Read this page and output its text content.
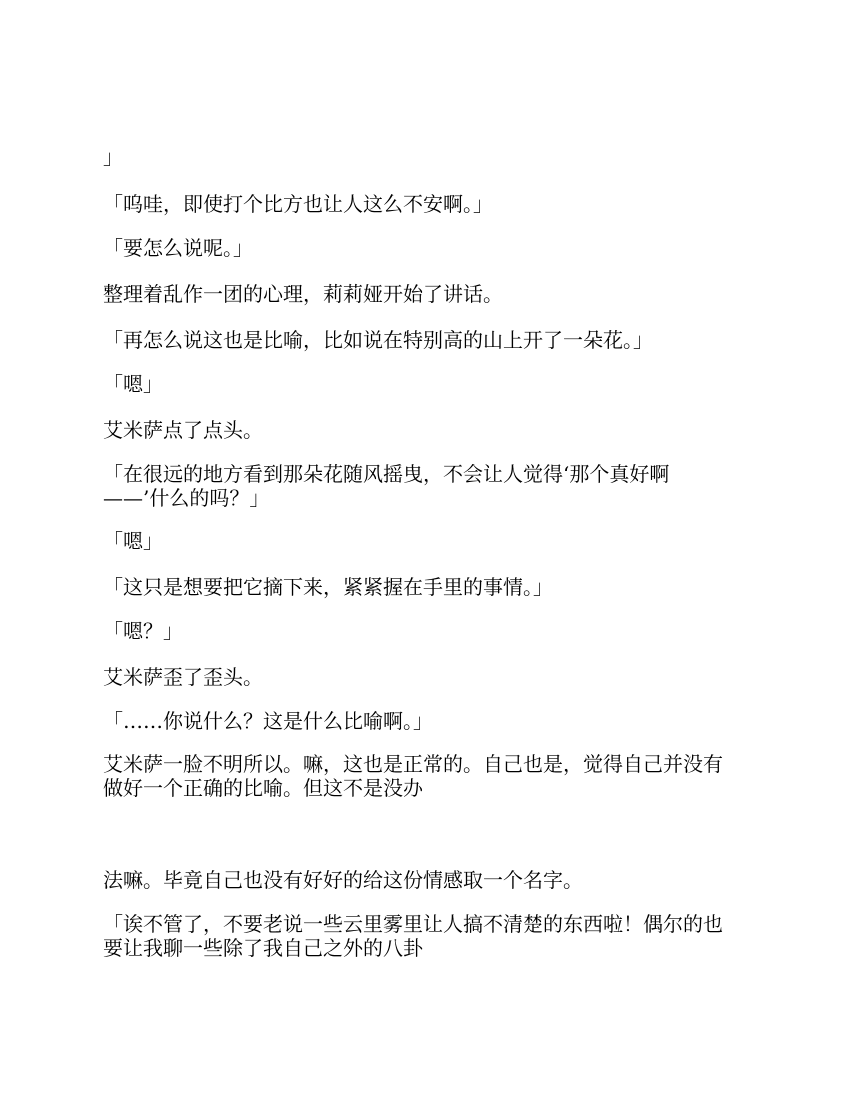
」

「呜哇，即使打个比方也让人这么不安啊。」

「要怎么说呢。」

整理着乱作一团的心理，莉莉娅开始了讲话。

「再怎么说这也是比喻，比如说在特别高的山上开了一朵花。」

「嗯」

艾米萨点了点头。

「在很远的地方看到那朵花随风摇曳，不会让人觉得‘那个真好啊
——’什么的吗？」

「嗯」

「这只是想要把它摘下来，紧紧握在手里的事情。」

「嗯？」

艾米萨歪了歪头。

「……你说什么？这是什么比喻啊。」

艾米萨一脸不明所以。嘛，这也是正常的。自己也是，觉得自己并没有
做好一个正确的比喻。但这不是没办

法嘛。毕竟自己也没有好好的给这份情感取一个名字。

「诶不管了，不要老说一些云里雾里让人搞不清楚的东西啦！偶尔的也
要让我聊一些除了我自己之外的八卦
